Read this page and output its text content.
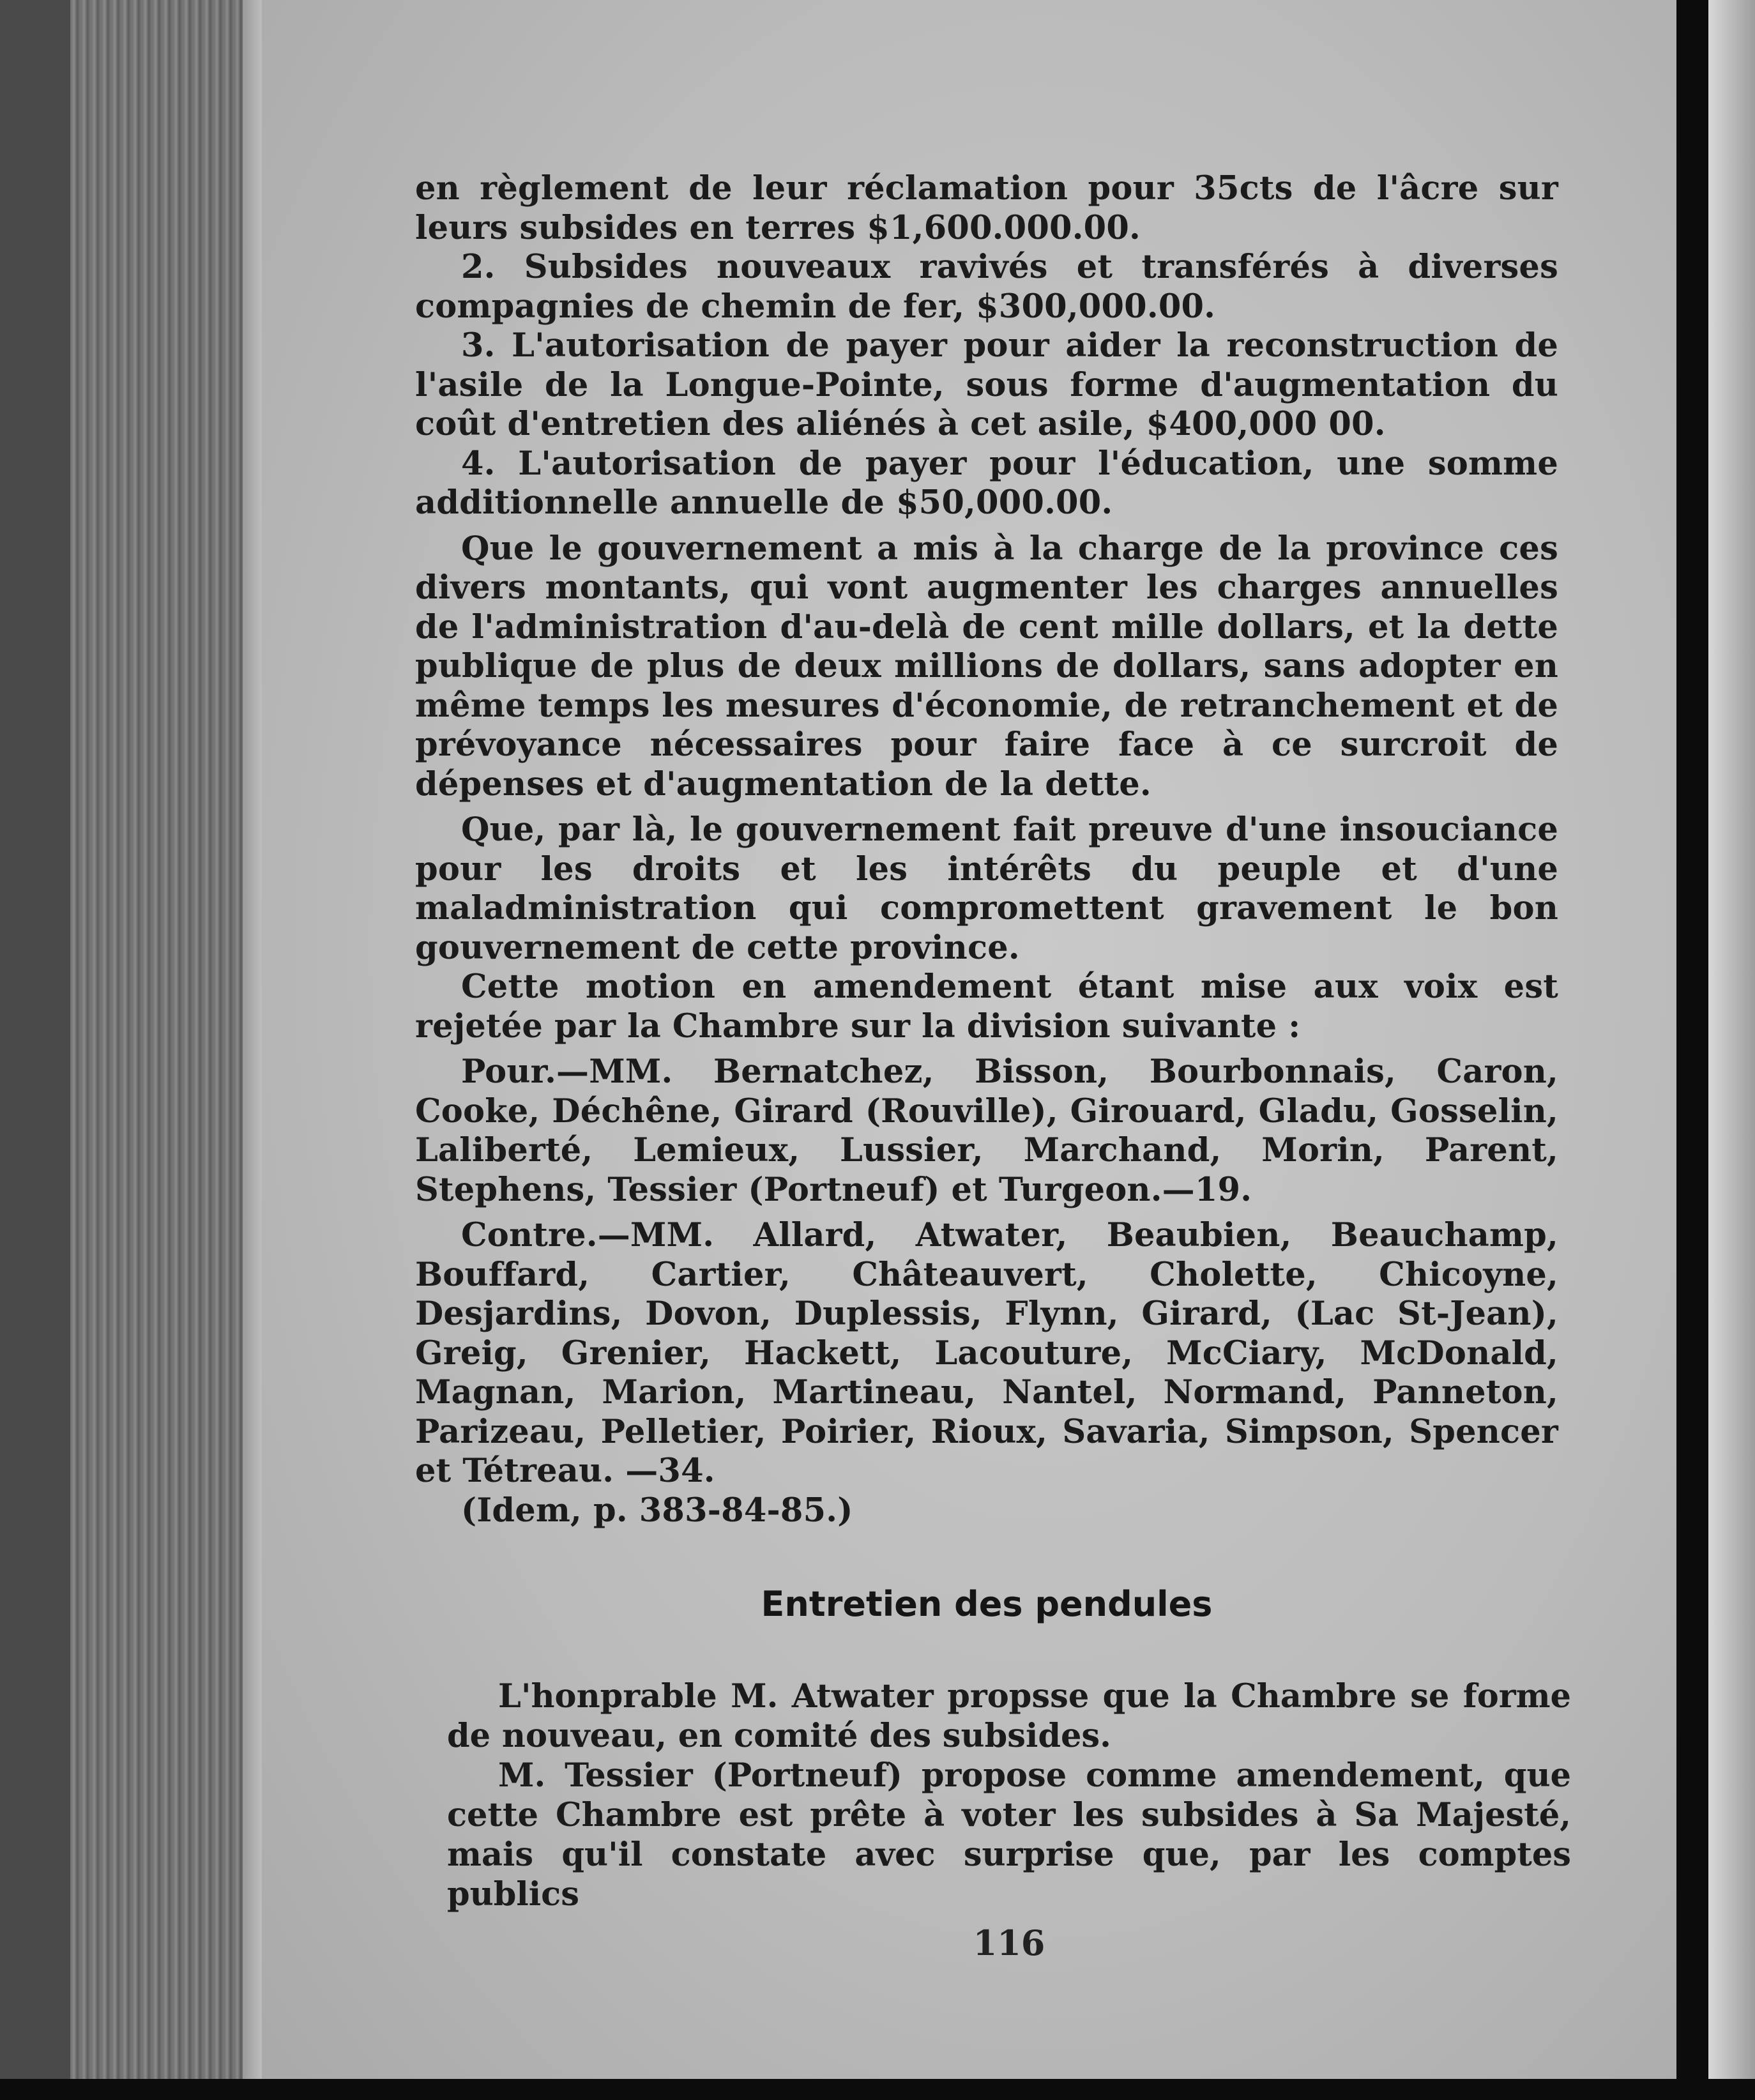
en règlement de leur réclamation pour 35cts de l'âcre sur leurs subsides en terres $1,600.000.00.

2. Subsides nouveaux ravivés et transférés à diverses compagnies de chemin de fer, $300,000.00.

3. L'autorisation de payer pour aider la reconstruction de l'asile de la Longue-Pointe, sous forme d'augmentation du coût d'entretien des aliénés à cet asile, $400,000 00.

4. L'autorisation de payer pour l'éducation, une somme additionnelle annuelle de $50,000.00.

Que le gouvernement a mis à la charge de la province ces divers montants, qui vont augmenter les charges annuelles de l'administration d'au-delà de cent mille dollars, et la dette publique de plus de deux millions de dollars, sans adopter en même temps les mesures d'économie, de retranchement et de prévoyance nécessaires pour faire face à ce surcroit de dépenses et d'augmentation de la dette.

Que, par là, le gouvernement fait preuve d'une insouciance pour les droits et les intérêts du peuple et d'une maladministration qui compromettent gravement le bon gouvernement de cette province.

Cette motion en amendement étant mise aux voix est rejetée par la Chambre sur la division suivante :

Pour.—MM. Bernatchez, Bisson, Bourbonnais, Caron, Cooke, Déchêne, Girard (Rouville), Girouard, Gladu, Gosselin, Laliberté, Lemieux, Lussier, Marchand, Morin, Parent, Stephens, Tessier (Portneuf) et Turgeon.—19.

Contre.—MM. Allard, Atwater, Beaubien, Beauchamp, Bouffard, Cartier, Châteauvert, Cholette, Chicoyne, Desjardins, Dovon, Duplessis, Flynn, Girard, (Lac St-Jean), Greig, Grenier, Hackett, Lacouture, McCiary, McDonald, Magnan, Marion, Martineau, Nantel, Normand, Panneton, Parizeau, Pelletier, Poirier, Rioux, Savaria, Simpson, Spencer et Tétreau. —34.

(Idem, p. 383-84-85.)

Entretien des pendules

L'honprable M. Atwater propsse que la Chambre se forme de nouveau, en comité des subsides.

M. Tessier (Portneuf) propose comme amendement, que cette Chambre est prête à voter les subsides à Sa Majesté, mais qu'il constate avec surprise que, par les comptes publics

116
